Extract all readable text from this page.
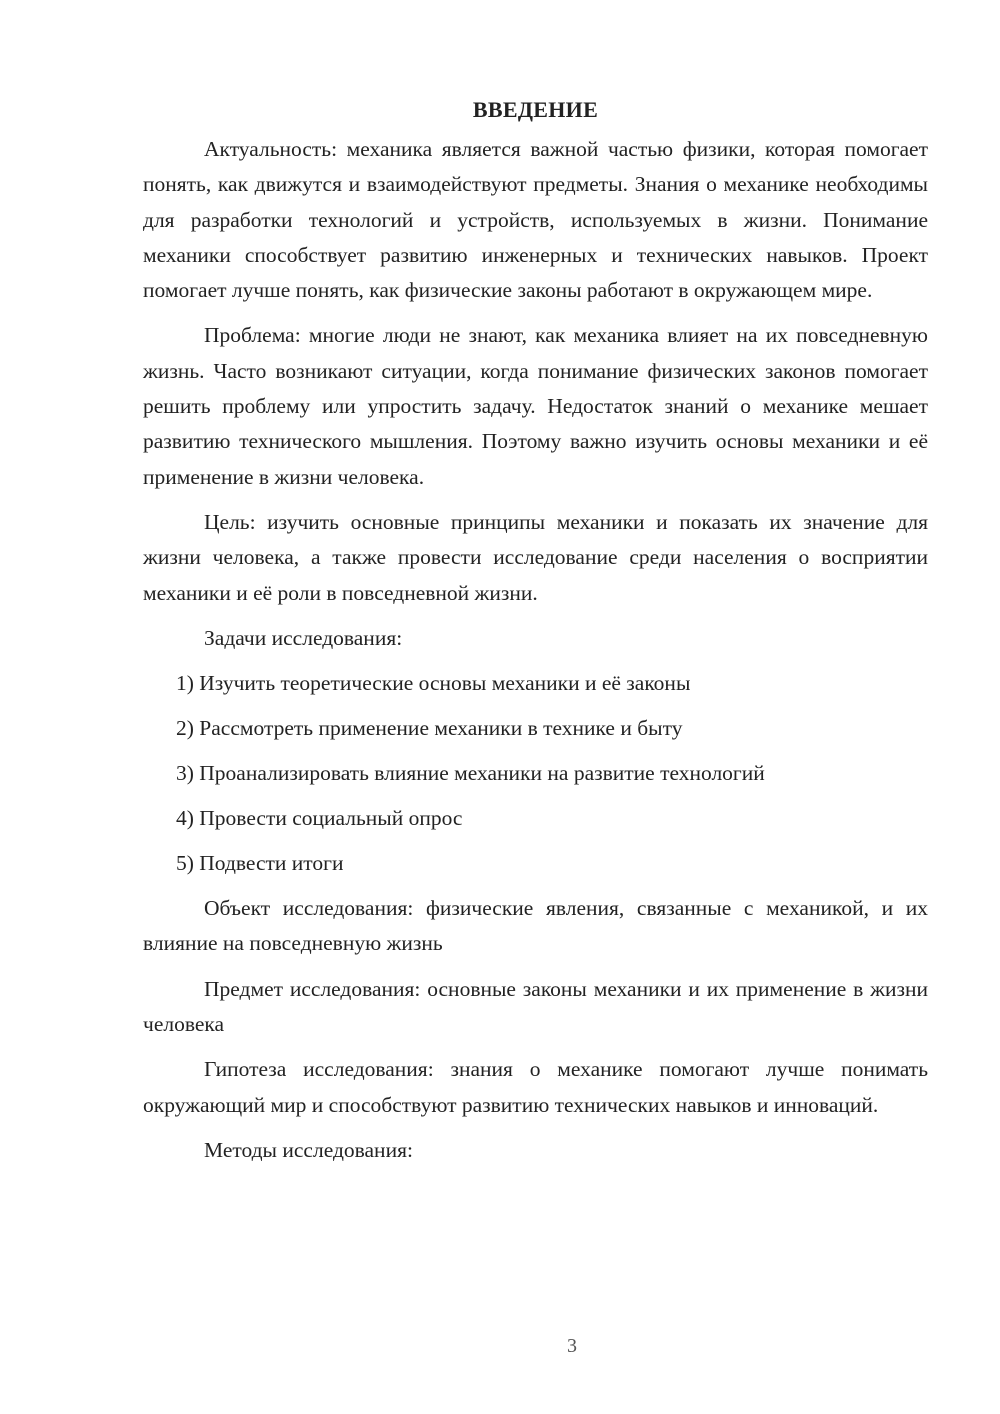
ВВЕДЕНИЕ

Актуальность: механика является важной частью физики, которая помогает понять, как движутся и взаимодействуют предметы. Знания о механике необходимы для разработки технологий и устройств, используемых в жизни. Понимание механики способствует развитию инженерных и технических навыков. Проект помогает лучше понять, как физические законы работают в окружающем мире.

Проблема: многие люди не знают, как механика влияет на их повседневную жизнь. Часто возникают ситуации, когда понимание физических законов помогает решить проблему или упростить задачу. Недостаток знаний о механике мешает развитию технического мышления. Поэтому важно изучить основы механики и её применение в жизни человека.

Цель: изучить основные принципы механики и показать их значение для жизни человека, а также провести исследование среди населения о восприятии механики и её роли в повседневной жизни.

Задачи исследования:

1) Изучить теоретические основы механики и её законы
2) Рассмотреть применение механики в технике и быту
3) Проанализировать влияние механики на развитие технологий
4) Провести социальный опрос
5) Подвести итоги

Объект исследования: физические явления, связанные с механикой, и их влияние на повседневную жизнь

Предмет исследования: основные законы механики и их применение в жизни человека

Гипотеза исследования: знания о механике помогают лучше понимать окружающий мир и способствуют развитию технических навыков и инноваций.

Методы исследования:

3
